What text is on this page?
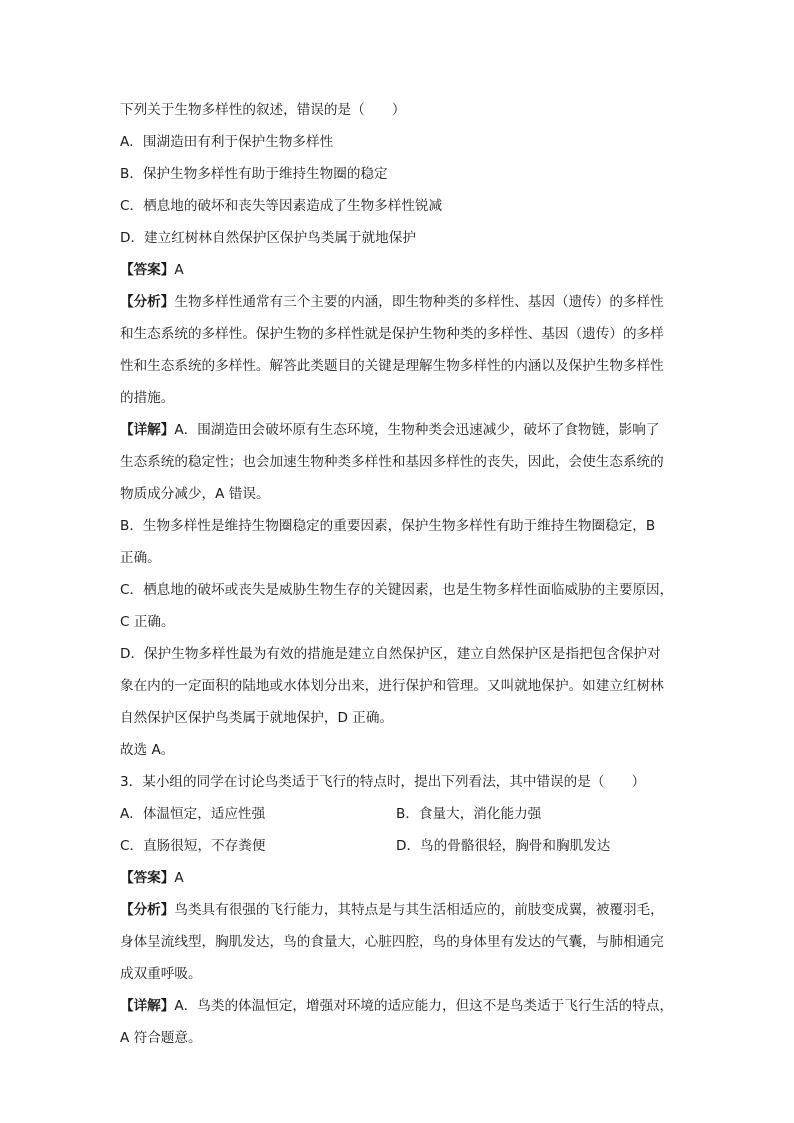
下列关于生物多样性的叙述，错误的是（　　）
A．围湖造田有利于保护生物多样性
B．保护生物多样性有助于维持生物圈的稳定
C．栖息地的破坏和丧失等因素造成了生物多样性锐减
D．建立红树林自然保护区保护鸟类属于就地保护
【答案】A
【分析】生物多样性通常有三个主要的内涵，即生物种类的多样性、基因（遗传）的多样性
和生态系统的多样性。保护生物的多样性就是保护生物种类的多样性、基因（遗传）的多样
性和生态系统的多样性。解答此类题目的关键是理解生物多样性的内涵以及保护生物多样性
的措施。
【详解】A．围湖造田会破坏原有生态环境，生物种类会迅速减少，破坏了食物链，影响了
生态系统的稳定性；也会加速生物种类多样性和基因多样性的丧失，因此，会使生态系统的
物质成分减少，A 错误。
B．生物多样性是维持生物圈稳定的重要因素，保护生物多样性有助于维持生物圈稳定，B
正确。
C．栖息地的破坏或丧失是威胁生物生存的关键因素，也是生物多样性面临威胁的主要原因，
C 正确。
D．保护生物多样性最为有效的措施是建立自然保护区，建立自然保护区是指把包含保护对
象在内的一定面积的陆地或水体划分出来，进行保护和管理。又叫就地保护。如建立红树林
自然保护区保护鸟类属于就地保护，D 正确。
故选 A。
3．某小组的同学在讨论鸟类适于飞行的特点时，提出下列看法，其中错误的是（　　）
A．体温恒定，适应性强	B．食量大，消化能力强
C．直肠很短，不存粪便	D．鸟的骨骼很轻，胸骨和胸肌发达
【答案】A
【分析】鸟类具有很强的飞行能力，其特点是与其生活相适应的，前肢变成翼，被覆羽毛，
身体呈流线型，胸肌发达，鸟的食量大，心脏四腔，鸟的身体里有发达的气囊，与肺相通完
成双重呼吸。
【详解】A．鸟类的体温恒定，增强对环境的适应能力，但这不是鸟类适于飞行生活的特点，
A 符合题意。
